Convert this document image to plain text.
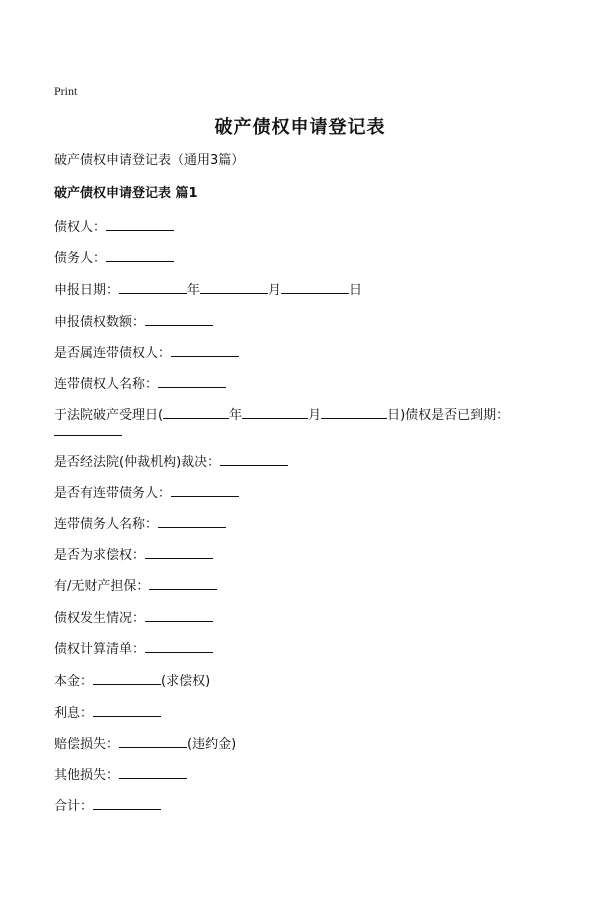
Print
破产债权申请登记表
破产债权申请登记表（通用3篇）
破产债权申请登记表 篇1
债权人：
债务人：
申报日期：	年	月	日
申报债权数额：
是否属连带债权人：
连带债权人名称：
于法院破产受理日(	年	月	日)债权是否已到期：
是否经法院(仲裁机构)裁决：
是否有连带债务人：
连带债务人名称：
是否为求偿权：
有/无财产担保：
债权发生情况：
债权计算清单：
本金：	(求偿权)
利息：
赔偿损失：	(违约金)
其他损失：
合计：
